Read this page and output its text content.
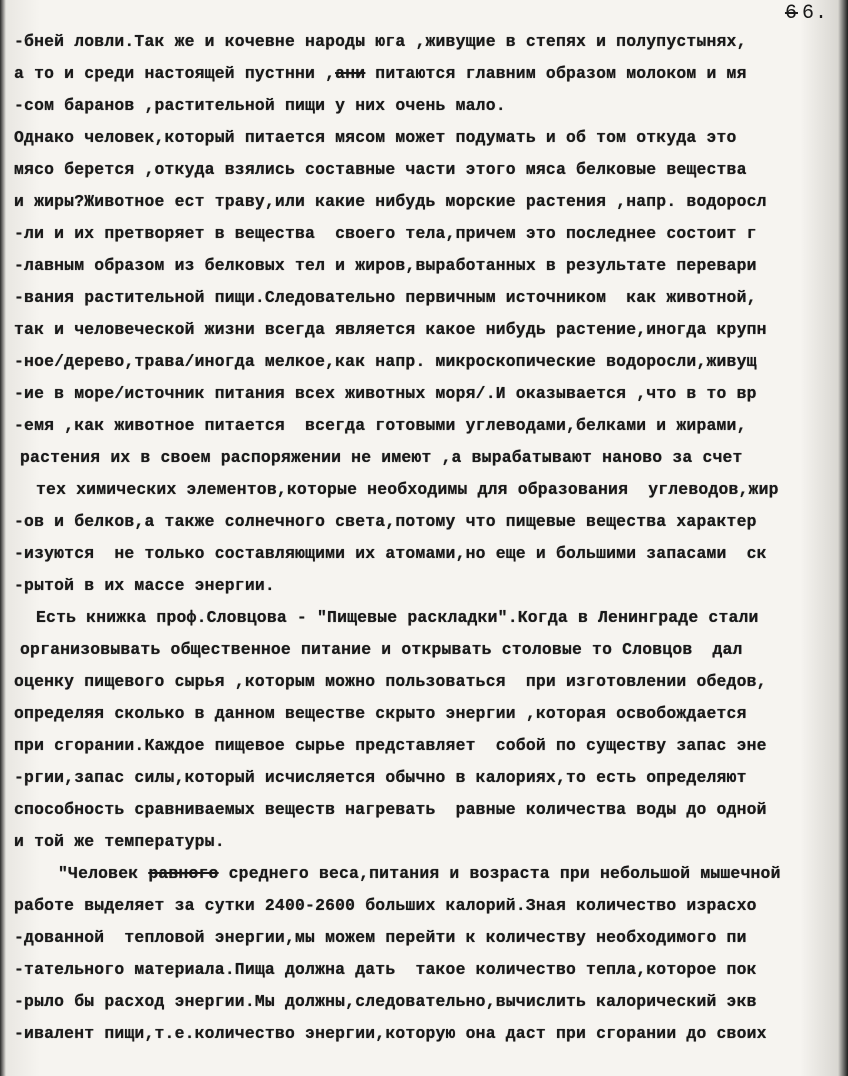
6 6.
-бней ловли.Так же и кочевне народы юга ,живущие в степях и полупустынях,
а то и среди настоящей пустнни ,ани питаются главним образом молоком и мя
-сом баранов ,растительной пищи у них очень мало.
Однако человек,который питается мясом может подумать и об том откуда это
мясо берется ,откуда взялись составные части этого мяса белковые вещества
и жиры?Животное ест траву,или какие нибудь морские растения ,напр. водоросл
-ли и их претворяет в вещества  своего тела,причем это последнее состоит г
-лавным образом из белковых тел и жиров,выработанных в результате перевари
-вания растительной пищи.Следовательно первичным источником  как животной,
так и человеческой жизни всегда является какое нибудь растение,иногда крупн
-ное/дерево,трава/иногда мелкое,как напр. микроскопические водоросли,живущ
-ие в море/источник питания всех животных моря/.И оказывается ,что в то вр
-емя ,как животное питается  всегда готовыми углеводами,белками и жирами,
растения их в своем распоряжении не имеют ,а вырабатывают наново за счет
тех химических элементов,которые необходимы для образования  углеводов,жир
-ов и белков,а также солнечного света,потому что пищевые вещества характер
-изуются  не только составляющими их атомами,но еще и большими запасами  ск
-рытой в их массе энергии.
Есть книжка проф.Словцова - "Пищевые раскладки".Когда в Ленинграде стали
организовывать общественное питание и открывать столовые то Словцов  дал
оценку пищевого сырья ,которым можно пользоваться  при изготовлении обедов,
определяя сколько в данном веществе скрыто энергии ,которая освобождается
при сгорании.Каждое пищевое сырье представляет  собой по существу запас эне
-ргии,запас силы,который исчисляется обычно в калориях,то есть определяют
способность сравниваемых веществ нагревать  равные количества воды до одной
и той же температуры.
"Человек равного среднего веса,питания и возраста при небольшой мышечной
работе выделяет за сутки 2400-2600 больших калорий.Зная количество израсхо
-дованной  тепловой энергии,мы можем перейти к количеству необходимого пи
-тательного материала.Пища должна дать  такое количество тепла,которое пок
-рыло бы расход энергии.Мы должны,следовательно,вычислить калорический экв
-ивалент пищи,т.е.количество энергии,которую она даст при сгорании до своих
